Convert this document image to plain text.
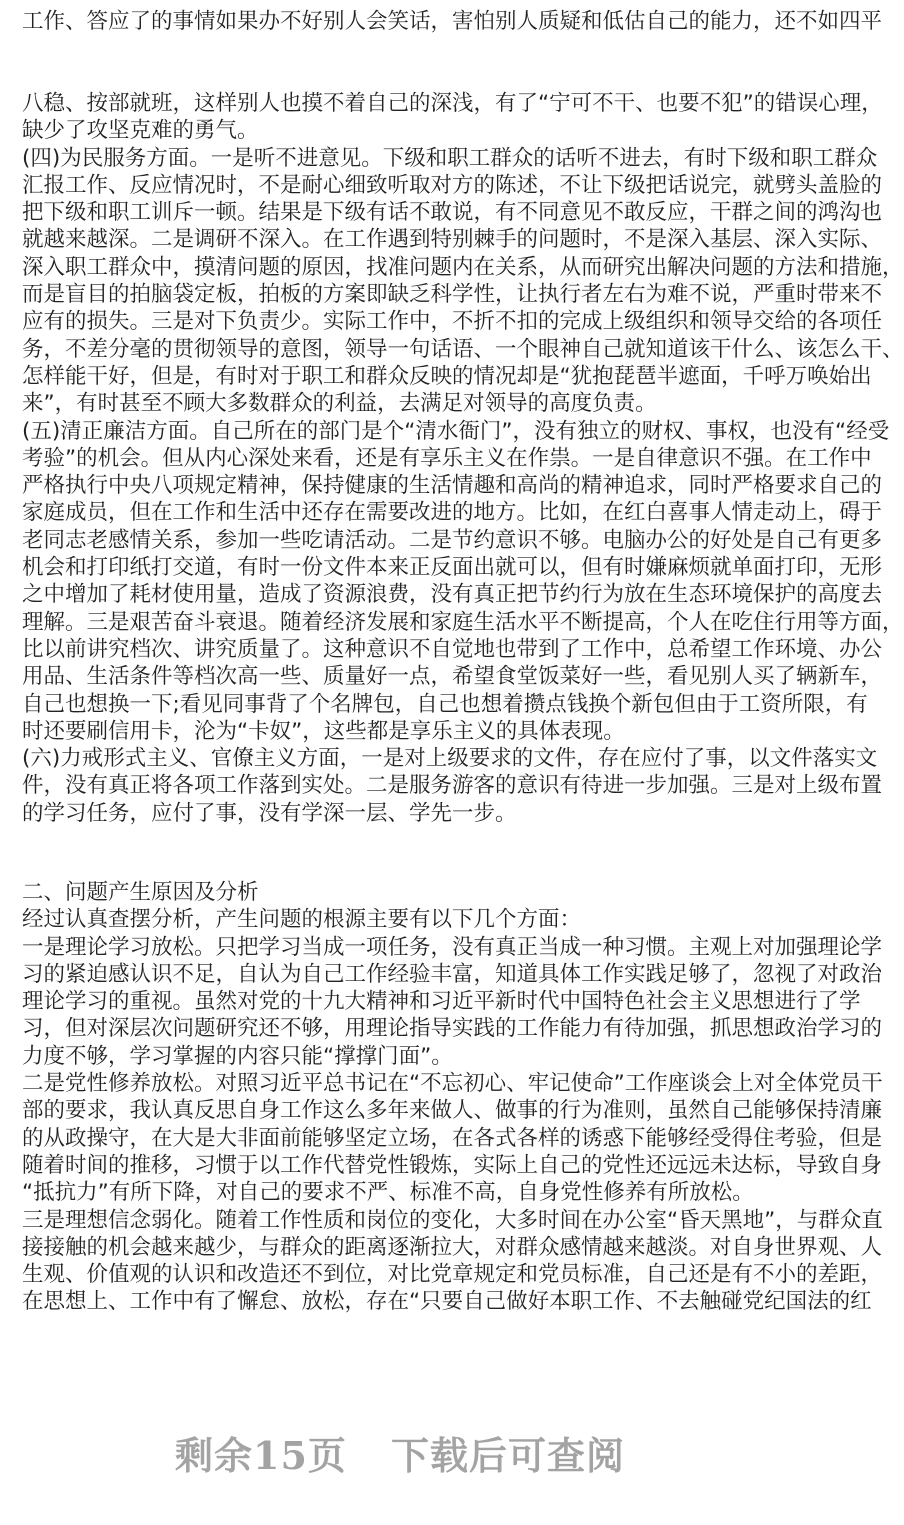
工作、答应了的事情如果办不好别人会笑话，害怕别人质疑和低估自己的能力，还不如四平
八稳、按部就班，这样别人也摸不着自己的深浅，有了“宁可不干、也要不犯”的错误心理，
缺少了攻坚克难的勇气。
(四)为民服务方面。一是听不进意见。下级和职工群众的话听不进去，有时下级和职工群众
汇报工作、反应情况时，不是耐心细致听取对方的陈述，不让下级把话说完，就劈头盖脸的
把下级和职工训斥一顿。结果是下级有话不敢说，有不同意见不敢反应，干群之间的鸿沟也
就越来越深。二是调研不深入。在工作遇到特别棘手的问题时，不是深入基层、深入实际、
深入职工群众中，摸清问题的原因，找准问题内在关系，从而研究出解决问题的方法和措施，
而是盲目的拍脑袋定板，拍板的方案即缺乏科学性，让执行者左右为难不说，严重时带来不
应有的损失。三是对下负责少。实际工作中，不折不扣的完成上级组织和领导交给的各项任
务，不差分毫的贯彻领导的意图，领导一句话语、一个眼神自己就知道该干什么、该怎么干、
怎样能干好，但是，有时对于职工和群众反映的情况却是“犹抱琵琶半遮面，千呼万唤始出
来”，有时甚至不顾大多数群众的利益，去满足对领导的高度负责。
(五)清正廉洁方面。自己所在的部门是个“清水衙门”，没有独立的财权、事权，也没有“经受
考验”的机会。但从内心深处来看，还是有享乐主义在作祟。一是自律意识不强。在工作中
严格执行中央八项规定精神，保持健康的生活情趣和高尚的精神追求，同时严格要求自己的
家庭成员，但在工作和生活中还存在需要改进的地方。比如，在红白喜事人情走动上，碍于
老同志老感情关系，参加一些吃请活动。二是节约意识不够。电脑办公的好处是自己有更多
机会和打印纸打交道，有时一份文件本来正反面出就可以，但有时嫌麻烦就单面打印，无形
之中增加了耗材使用量，造成了资源浪费，没有真正把节约行为放在生态环境保护的高度去
理解。三是艰苦奋斗衰退。随着经济发展和家庭生活水平不断提高，个人在吃住行用等方面，
比以前讲究档次、讲究质量了。这种意识不自觉地也带到了工作中，总希望工作环境、办公
用品、生活条件等档次高一些、质量好一点，希望食堂饭菜好一些，看见别人买了辆新车，
自己也想换一下;看见同事背了个名牌包，自己也想着攒点钱换个新包但由于工资所限，有
时还要刷信用卡，沦为“卡奴”，这些都是享乐主义的具体表现。
(六)力戒形式主义、官僚主义方面，一是对上级要求的文件，存在应付了事，以文件落实文
件，没有真正将各项工作落到实处。二是服务游客的意识有待进一步加强。三是对上级布置
的学习任务，应付了事，没有学深一层、学先一步。
二、问题产生原因及分析
经过认真查摆分析，产生问题的根源主要有以下几个方面：
一是理论学习放松。只把学习当成一项任务，没有真正当成一种习惯。主观上对加强理论学
习的紧迫感认识不足，自认为自己工作经验丰富，知道具体工作实践足够了，忽视了对政治
理论学习的重视。虽然对党的十九大精神和习近平新时代中国特色社会主义思想进行了学
习，但对深层次问题研究还不够，用理论指导实践的工作能力有待加强，抓思想政治学习的
力度不够，学习掌握的内容只能“撑撑门面”。
二是党性修养放松。对照习近平总书记在“不忘初心、牢记使命”工作座谈会上对全体党员干
部的要求，我认真反思自身工作这么多年来做人、做事的行为准则，虽然自己能够保持清廉
的从政操守，在大是大非面前能够坚定立场，在各式各样的诱惑下能够经受得住考验，但是
随着时间的推移，习惯于以工作代替党性锻炼，实际上自己的党性还远远未达标，导致自身
“抵抗力”有所下降，对自己的要求不严、标准不高，自身党性修养有所放松。
三是理想信念弱化。随着工作性质和岗位的变化，大多时间在办公室“昏天黑地”，与群众直
接接触的机会越来越少，与群众的距离逐渐拉大，对群众感情越来越淡。对自身世界观、人
生观、价值观的认识和改造还不到位，对比党章规定和党员标准，自己还是有不小的差距，
在思想上、工作中有了懈怠、放松，存在“只要自己做好本职工作、不去触碰党纪国法的红
剩余15页 下载后可查阅
